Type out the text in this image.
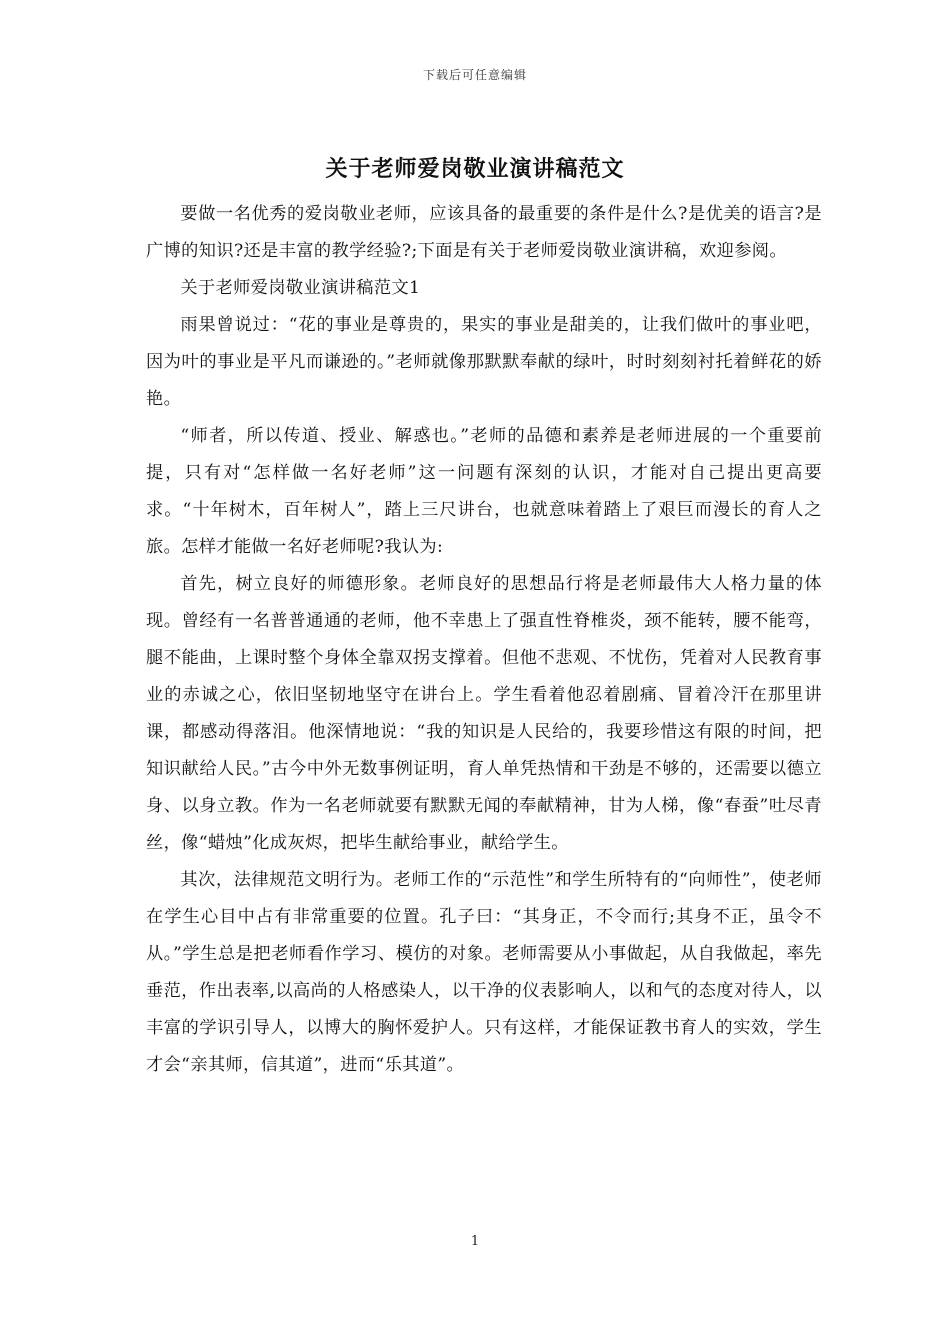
下载后可任意编辑
关于老师爱岗敬业演讲稿范文

要做一名优秀的爱岗敬业老师，应该具备的最重要的条件是什么?是优美的语言?是广博的知识?还是丰富的教学经验?;下面是有关于老师爱岗敬业演讲稿，欢迎参阅。

关于老师爱岗敬业演讲稿范文1

雨果曾说过：“花的事业是尊贵的，果实的事业是甜美的，让我们做叶的事业吧，因为叶的事业是平凡而谦逊的。”老师就像那默默奉献的绿叶，时时刻刻衬托着鲜花的娇艳。

“师者，所以传道、授业、解惑也。”老师的品德和素养是老师进展的一个重要前提，只有对“怎样做一名好老师”这一问题有深刻的认识，才能对自己提出更高要求。“十年树木，百年树人”，踏上三尺讲台，也就意味着踏上了艰巨而漫长的育人之旅。怎样才能做一名好老师呢?我认为:

首先，树立良好的师德形象。老师良好的思想品行将是老师最伟大人格力量的体现。曾经有一名普普通通的老师，他不幸患上了强直性脊椎炎，颈不能转，腰不能弯，腿不能曲，上课时整个身体全靠双拐支撑着。但他不悲观、不忧伤，凭着对人民教育事业的赤诚之心，依旧坚韧地坚守在讲台上。学生看着他忍着剧痛、冒着冷汗在那里讲课，都感动得落泪。他深情地说：“我的知识是人民给的，我要珍惜这有限的时间，把知识献给人民。”古今中外无数事例证明，育人单凭热情和干劲是不够的，还需要以德立身、以身立教。作为一名老师就要有默默无闻的奉献精神，甘为人梯，像“春蚕”吐尽青丝，像“蜡烛”化成灰烬，把毕生献给事业，献给学生。

其次，法律规范文明行为。老师工作的“示范性”和学生所特有的“向师性”，使老师在学生心目中占有非常重要的位置。孔子曰：“其身正，不令而行;其身不正，虽令不从。”学生总是把老师看作学习、模仿的对象。老师需要从小事做起，从自我做起，率先垂范，作出表率,以高尚的人格感染人，以干净的仪表影响人，以和气的态度对待人，以丰富的学识引导人，以博大的胸怀爱护人。只有这样，才能保证教书育人的实效，学生才会“亲其师，信其道”，进而“乐其道”。

1
